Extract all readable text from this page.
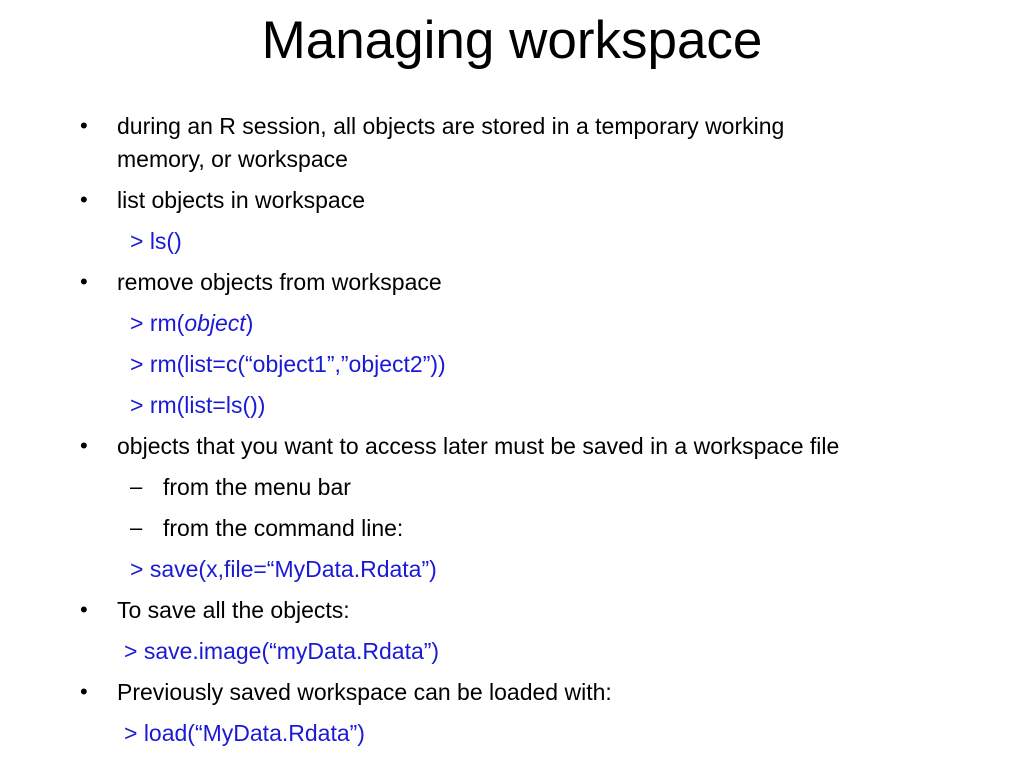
Managing workspace
• during an R session, all objects are stored in a temporary working
memory, or workspace
• list objects in workspace
> ls()
• remove objects from workspace
> rm(object)
> rm(list=c(“object1”,”object2”))
> rm(list=ls())
• objects that you want to access later must be saved in a workspace file
– from the menu bar
– from the command line:
> save(x,file=“MyData.Rdata”)
• To save all the objects:
> save.image(“myData.Rdata”)
• Previously saved workspace can be loaded with:
> load(“MyData.Rdata”)
